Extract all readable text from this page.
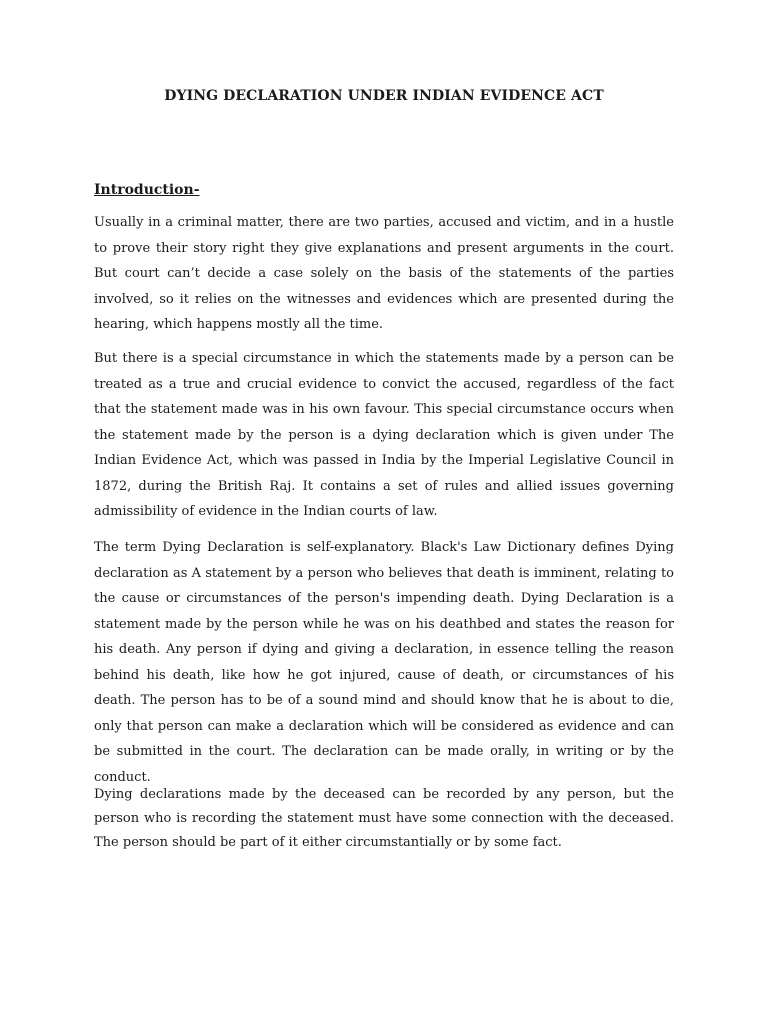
DYING DECLARATION UNDER INDIAN EVIDENCE ACT
Introduction-

Usually in a criminal matter, there are two parties, accused and victim, and in a hustle to prove their story right they give explanations and present arguments in the court. But court can’t decide a case solely on the basis of the statements of the parties involved, so it relies on the witnesses and evidences which are presented during the hearing, which happens mostly all the time.

But there is a special circumstance in which the statements made by a person can be treated as a true and crucial evidence to convict the accused, regardless of the fact that the statement made was in his own favour. This special circumstance occurs when the statement made by the person is a dying declaration which is given under The Indian Evidence Act, which was passed in India by the Imperial Legislative Council in 1872, during the British Raj. It contains a set of rules and allied issues governing admissibility of evidence in the Indian courts of law.

The term Dying Declaration is self-explanatory. Black's Law Dictionary defines Dying declaration as A statement by a person who believes that death is imminent, relating to the cause or circumstances of the person's impending death. Dying Declaration is a statement made by the person while he was on his deathbed and states the reason for his death. Any person if dying and giving a declaration, in essence telling the reason behind his death, like how he got injured, cause of death, or circumstances of his death. The person has to be of a sound mind and should know that he is about to die, only that person can make a declaration which will be considered as evidence and can be submitted in the court. The declaration can be made orally, in writing or by the conduct.

Dying declarations made by the deceased can be recorded by any person, but the person who is recording the statement must have some connection with the deceased. The person should be part of it either circumstantially or by some fact.
